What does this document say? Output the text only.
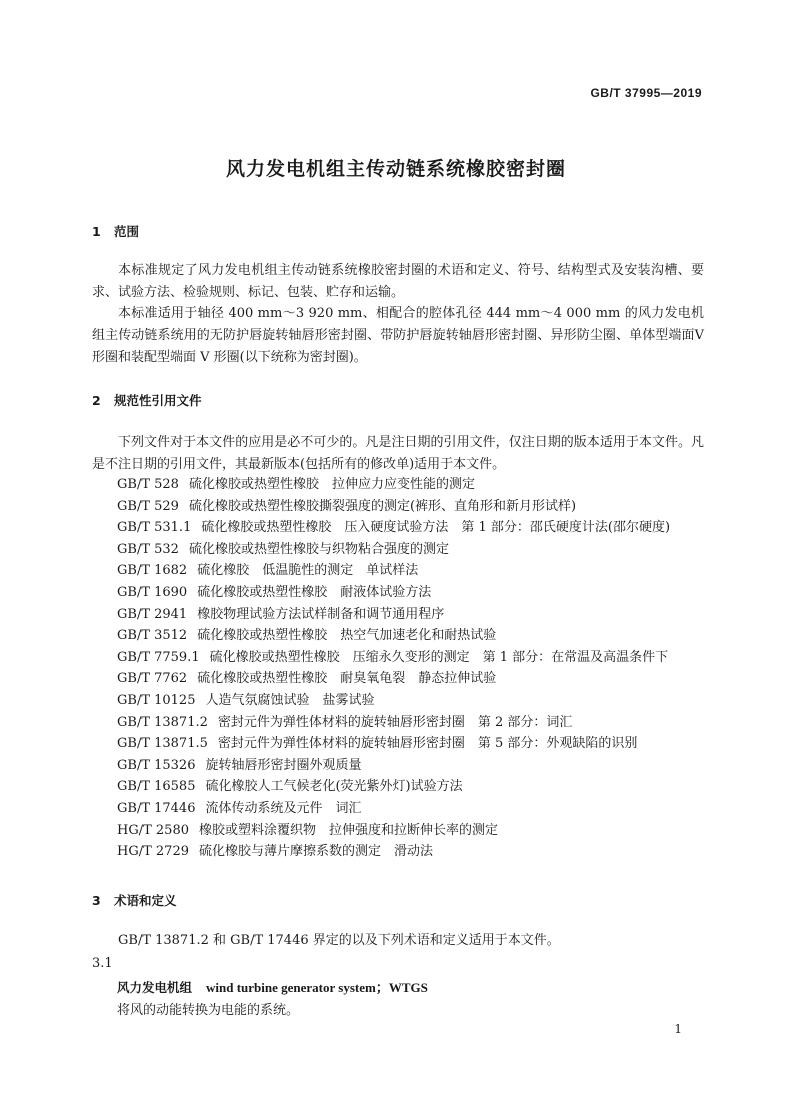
GB/T 37995—2019
风力发电机组主传动链系统橡胶密封圈
1 范围
本标准规定了风力发电机组主传动链系统橡胶密封圈的术语和定义、符号、结构型式及安装沟槽、要求、试验方法、检验规则、标记、包装、贮存和运输。
本标准适用于轴径 400 mm～3 920 mm、相配合的腔体孔径 444 mm～4 000 mm 的风力发电机组主传动链系统用的无防护唇旋转轴唇形密封圈、带防护唇旋转轴唇形密封圈、异形防尘圈、单体型端面V形圈和装配型端面 V 形圈(以下统称为密封圈)。
2 规范性引用文件
下列文件对于本文件的应用是必不可少的。凡是注日期的引用文件，仅注日期的版本适用于本文件。凡是不注日期的引用文件，其最新版本(包括所有的修改单)适用于本文件。
GB/T 528 硫化橡胶或热塑性橡胶　拉伸应力应变性能的测定
GB/T 529 硫化橡胶或热塑性橡胶撕裂强度的测定(裤形、直角形和新月形试样)
GB/T 531.1 硫化橡胶或热塑性橡胶　压入硬度试验方法　第 1 部分：邵氏硬度计法(邵尔硬度)
GB/T 532 硫化橡胶或热塑性橡胶与织物粘合强度的测定
GB/T 1682 硫化橡胶　低温脆性的测定　单试样法
GB/T 1690 硫化橡胶或热塑性橡胶　耐液体试验方法
GB/T 2941 橡胶物理试验方法试样制备和调节通用程序
GB/T 3512 硫化橡胶或热塑性橡胶　热空气加速老化和耐热试验
GB/T 7759.1 硫化橡胶或热塑性橡胶　压缩永久变形的测定　第 1 部分：在常温及高温条件下
GB/T 7762 硫化橡胶或热塑性橡胶　耐臭氧龟裂　静态拉伸试验
GB/T 10125 人造气氛腐蚀试验　盐雾试验
GB/T 13871.2 密封元件为弹性体材料的旋转轴唇形密封圈　第 2 部分：词汇
GB/T 13871.5 密封元件为弹性体材料的旋转轴唇形密封圈　第 5 部分：外观缺陷的识别
GB/T 15326 旋转轴唇形密封圈外观质量
GB/T 16585 硫化橡胶人工气候老化(荧光紫外灯)试验方法
GB/T 17446 流体传动系统及元件　词汇
HG/T 2580 橡胶或塑料涂覆织物　拉伸强度和拉断伸长率的测定
HG/T 2729 硫化橡胶与薄片摩擦系数的测定　滑动法
3 术语和定义
GB/T 13871.2 和 GB/T 17446 界定的以及下列术语和定义适用于本文件。
3.1
风力发电机组 wind turbine generator system；WTGS
将风的动能转换为电能的系统。
1
